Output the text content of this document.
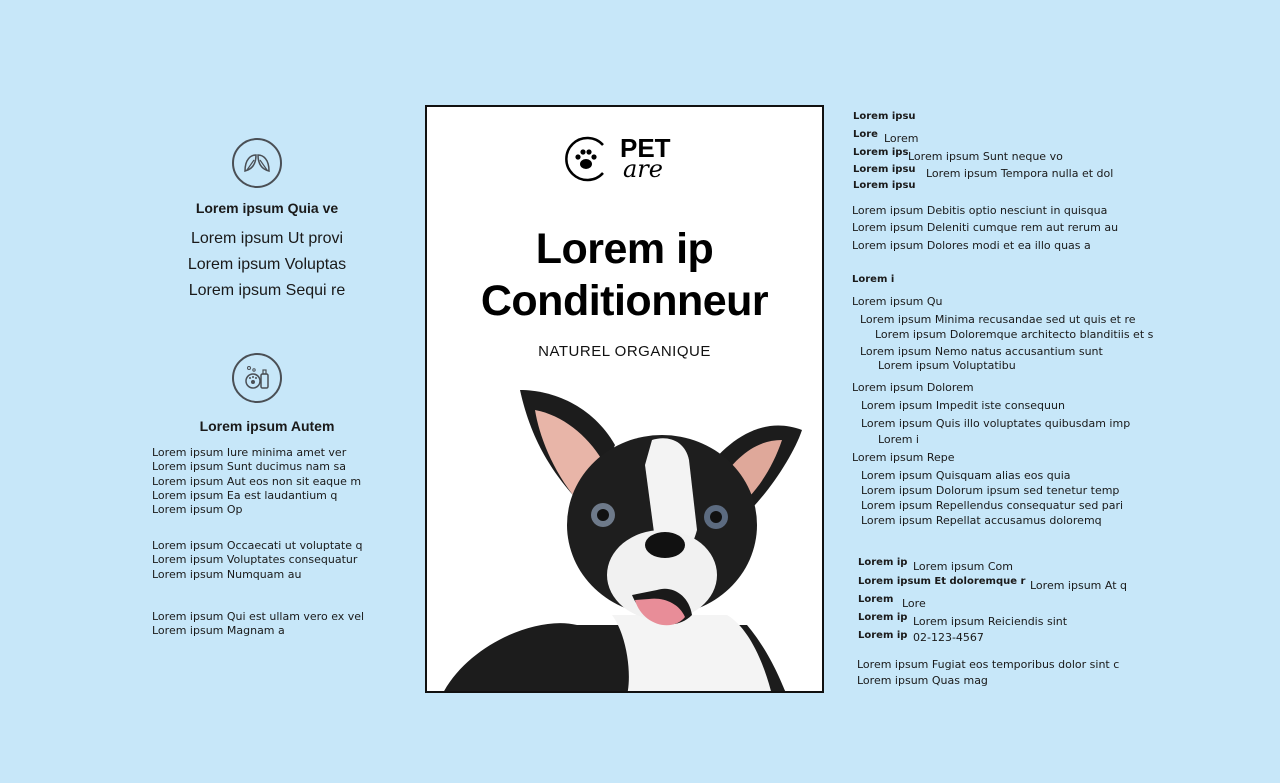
Lorem ipsum Quia ve
Lorem ipsum Ut provi
Lorem ipsum Voluptas
Lorem ipsum Sequi re
Lorem ipsum Autem
Lorem ipsum Iure minima amet ver
Lorem ipsum Sunt ducimus nam sa
Lorem ipsum Aut eos non sit eaque m
Lorem ipsum Ea est laudantium q
Lorem ipsum Op
Lorem ipsum Occaecati ut voluptate q
Lorem ipsum Voluptates consequatur
Lorem ipsum Numquam au
Lorem ipsum Qui est ullam vero ex vel
Lorem ipsum Magnam a
PET
are
Lorem ip
Conditionneur
NATUREL ORGANIQUE
Lorem ipsu
Lore Lorem
Lorem ips Lorem ipsum Sunt neque vo
Lorem ipsu Lorem ipsum Tempora nulla et dol
Lorem ipsu
Lorem ipsum Debitis optio nesciunt in quisqua
Lorem ipsum Deleniti cumque rem aut rerum au
Lorem ipsum Dolores modi et ea illo quas a
Lorem i
Lorem ipsum Qu
Lorem ipsum Minima recusandae sed ut quis et re
Lorem ipsum Doloremque architecto blanditiis et s
Lorem ipsum Nemo natus accusantium sunt
Lorem ipsum Voluptatibu
Lorem ipsum Dolorem
Lorem ipsum Impedit iste consequun
Lorem ipsum Quis illo voluptates quibusdam imp
Lorem i
Lorem ipsum Repe
Lorem ipsum Quisquam alias eos quia
Lorem ipsum Dolorum ipsum sed tenetur temp
Lorem ipsum Repellendus consequatur sed pari
Lorem ipsum Repellat accusamus doloremq
Lorem ip Lorem ipsum Com
Lorem ipsum Et doloremque r Lorem ipsum At q
Lorem Lore
Lorem ip Lorem ipsum Reiciendis sint
Lorem ip 02-123-4567
Lorem ipsum Fugiat eos temporibus dolor sint c
Lorem ipsum Quas mag
